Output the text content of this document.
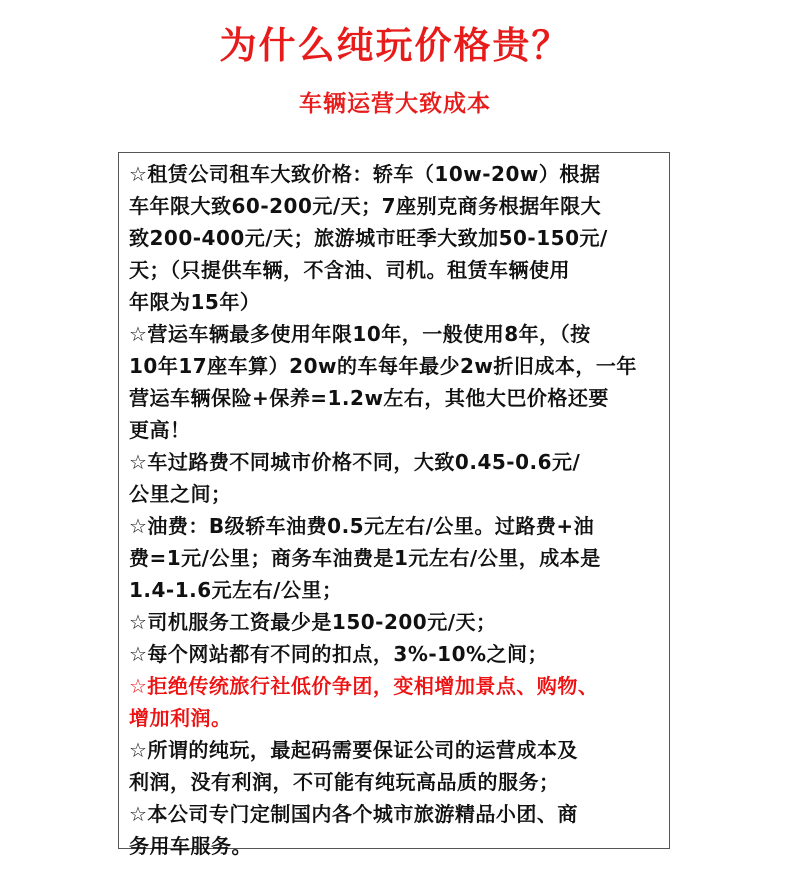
为什么纯玩价格贵？
车辆运营大致成本

☆租赁公司租车大致价格：轿车（10w-20w）根据

车年限大致60-200元/天；7座别克商务根据年限大

致200-400元/天；旅游城市旺季大致加50-150元/

天；（只提供车辆，不含油、司机。租赁车辆使用

年限为15年）

☆营运车辆最多使用年限10年，一般使用8年，（按

10年17座车算）20w的车每年最少2w折旧成本，一年

营运车辆保险+保养=1.2w左右，其他大巴价格还要

更高！

☆车过路费不同城市价格不同，大致0.45-0.6元/

公里之间；

☆油费：B级轿车油费0.5元左右/公里。过路费+油

费=1元/公里；商务车油费是1元左右/公里，成本是

1.4-1.6元左右/公里；

☆司机服务工资最少是150-200元/天；

☆每个网站都有不同的扣点，3%-10%之间；

☆拒绝传统旅行社低价争团，变相增加景点、购物、

增加利润。

☆所谓的纯玩，最起码需要保证公司的运营成本及

利润，没有利润，不可能有纯玩高品质的服务；

☆本公司专门定制国内各个城市旅游精品小团、商

务用车服务。
